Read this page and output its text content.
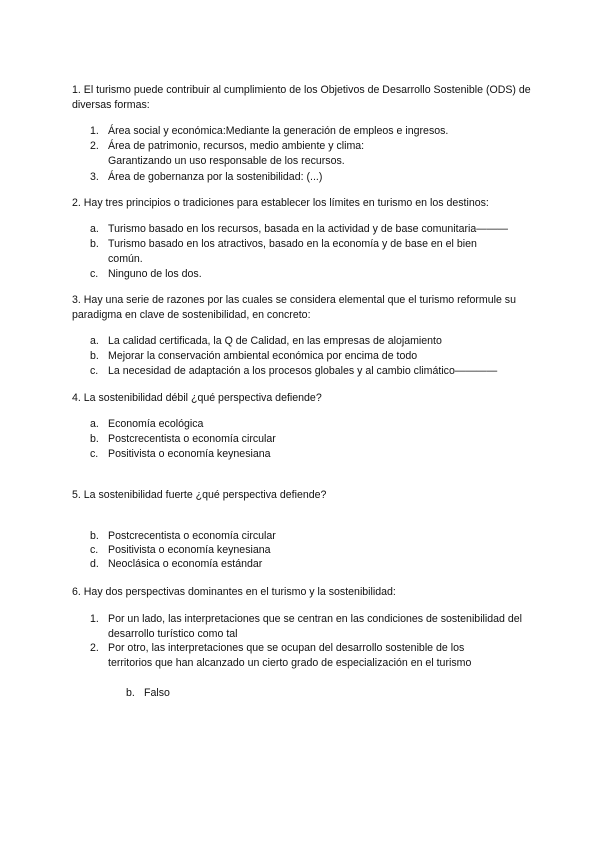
1. El turismo puede contribuir al cumplimiento de los Objetivos de Desarrollo Sostenible (ODS) de diversas formas:
1. Área social y económica:Mediante la generación de empleos e ingresos.
2. Área de patrimonio, recursos, medio ambiente y clima: Garantizando un uso responsable de los recursos.
3. Área de gobernanza por la sostenibilidad: (...)
2. Hay tres principios o tradiciones para establecer los límites en turismo en los destinos:
a. Turismo basado en los recursos, basada en la actividad y de base comunitaria———
b. Turismo basado en los atractivos, basado en la economía y de base en el bien común.
c. Ninguno de los dos.
3. Hay una serie de razones por las cuales se considera elemental que el turismo reformule su paradigma en clave de sostenibilidad, en concreto:
a. La calidad certificada, la Q de Calidad, en las empresas de alojamiento
b. Mejorar la conservación ambiental económica por encima de todo
c. La necesidad de adaptación a los procesos globales y al cambio climático————
4. La sostenibilidad débil ¿qué perspectiva defiende?
a. Economía ecológica
b. Postcrecentista o economía circular
c. Positivista o economía keynesiana
5. La sostenibilidad fuerte ¿qué perspectiva defiende?
b. Postcrecentista o economía circular
c. Positivista o economía keynesiana
d. Neoclásica o economía estándar
6. Hay dos perspectivas dominantes en el turismo y la sostenibilidad:
1. Por un lado, las interpretaciones que se centran en las condiciones de sostenibilidad del desarrollo turístico como tal
2. Por otro, las interpretaciones que se ocupan del desarrollo sostenible de los territorios que han alcanzado un cierto grado de especialización en el turismo
b. Falso
